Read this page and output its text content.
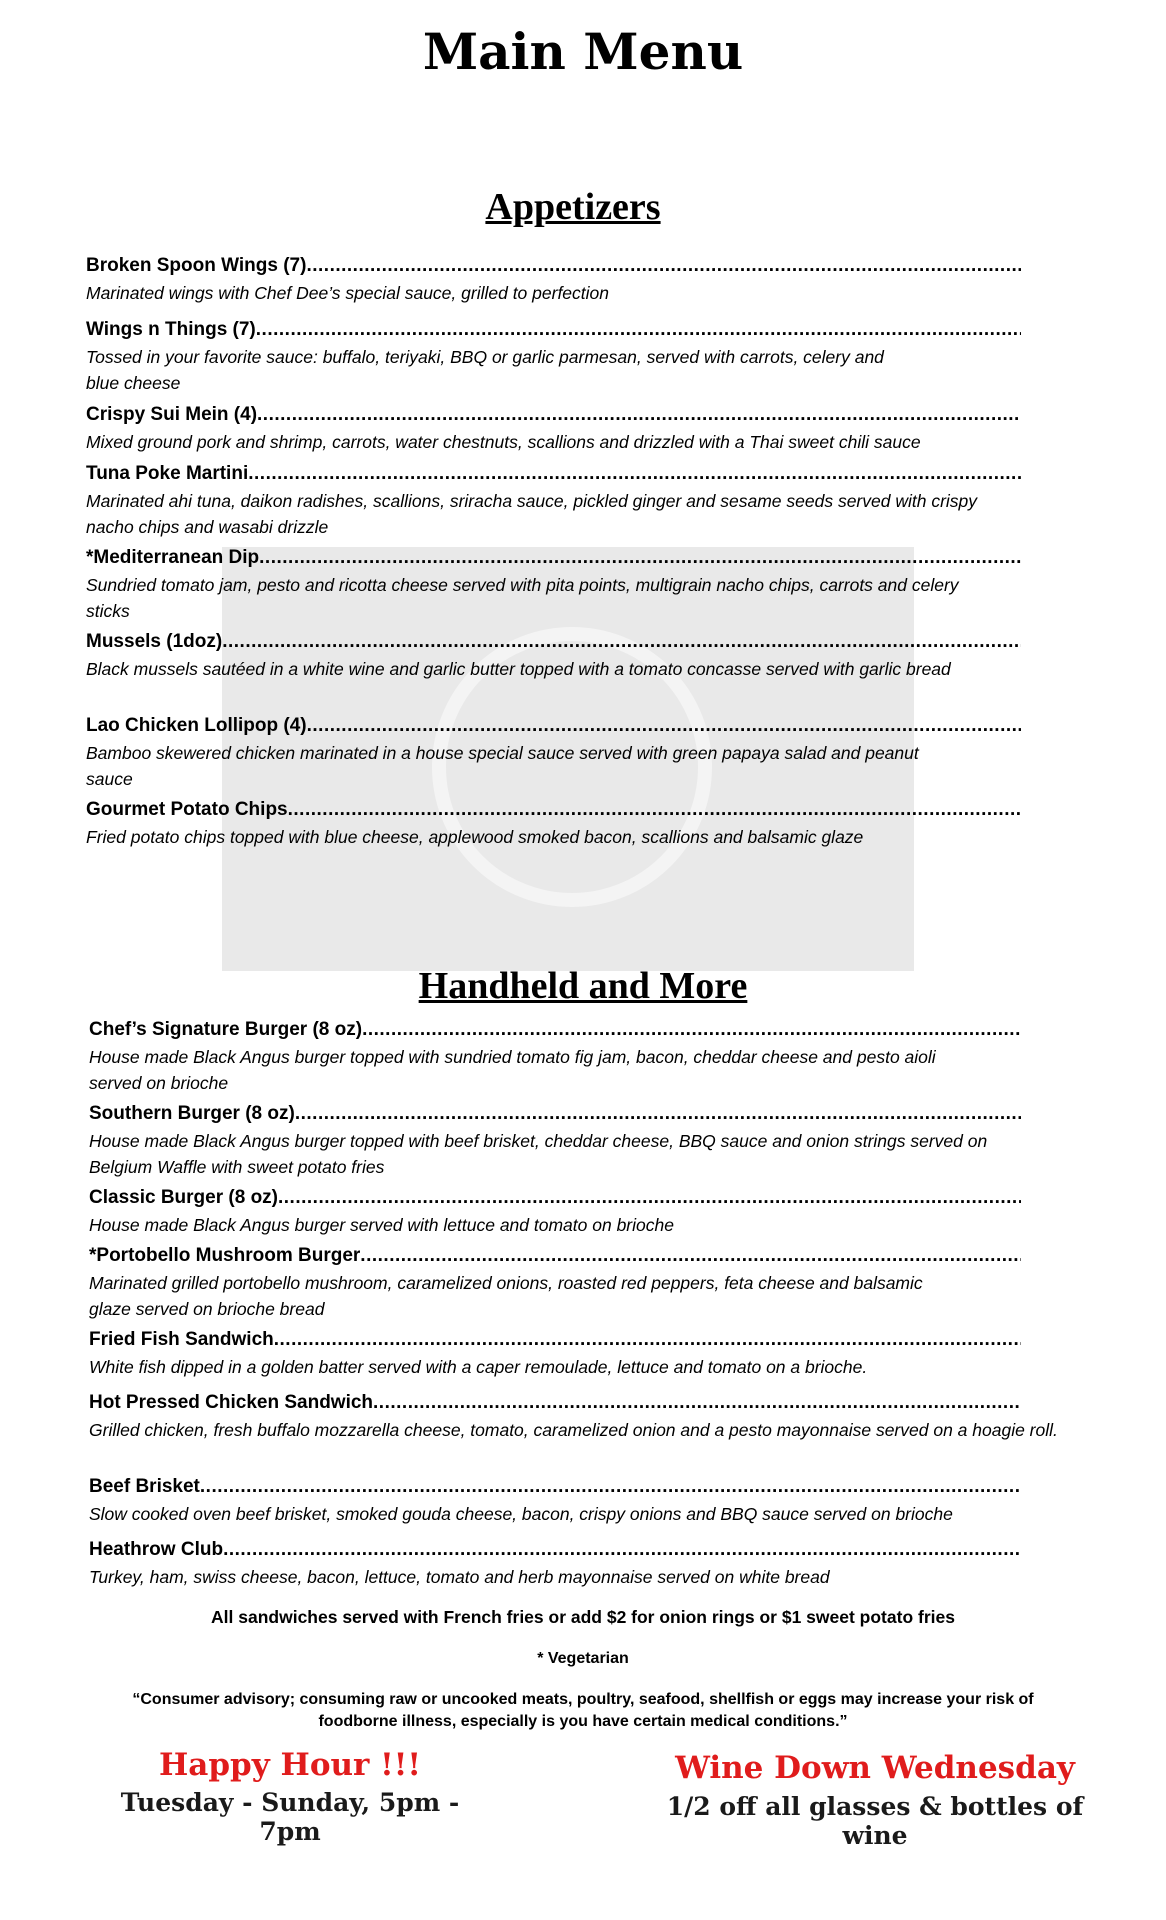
Main Menu
Appetizers
Broken Spoon Wings (7)
.....
Marinated wings with Chef Dee’s special sauce, grilled to perfection
Wings n Things (7)
.....
Tossed in your favorite sauce: buffalo, teriyaki, BBQ or garlic parmesan, served with carrots, celery and blue cheese
Crispy Sui Mein (4)
.....
Mixed ground pork and shrimp, carrots, water chestnuts, scallions and drizzled with a Thai sweet chili sauce
Tuna Poke Martini
.....
Marinated ahi tuna, daikon radishes, scallions, sriracha sauce, pickled ginger and sesame seeds served with crispy nacho chips and wasabi drizzle
*Mediterranean Dip
.....
Sundried tomato jam, pesto and ricotta cheese served with pita points, multigrain nacho chips, carrots and celery sticks
Mussels (1doz)
.....
Black mussels sautéed in a white wine and garlic butter topped with a tomato concasse served with garlic bread
Lao Chicken Lollipop (4)
.....
Bamboo skewered chicken marinated in a house special sauce served with green papaya salad and peanut sauce
Gourmet Potato Chips
.....
Fried potato chips topped with blue cheese, applewood smoked bacon, scallions and balsamic glaze
Handheld and More
Chef’s Signature Burger (8 oz)
.....
House made Black Angus burger topped with sundried tomato fig jam, bacon, cheddar cheese and pesto aioli served on brioche
Southern Burger (8 oz)
.....
House made Black Angus burger topped with beef brisket, cheddar cheese, BBQ sauce and onion strings served on Belgium Waffle with sweet potato fries
Classic Burger (8 oz)
.....
House made Black Angus burger served with lettuce and tomato on brioche
*Portobello Mushroom Burger
.....
Marinated grilled portobello mushroom, caramelized onions, roasted red peppers, feta cheese and balsamic glaze served on brioche bread
Fried Fish Sandwich
.....
White fish dipped in a golden batter served with a caper remoulade, lettuce and tomato on a brioche.
Hot Pressed Chicken Sandwich
.....
Grilled chicken, fresh buffalo mozzarella cheese, tomato, caramelized onion and a pesto mayonnaise served on a hoagie roll.
Beef Brisket
.....
Slow cooked oven beef brisket, smoked gouda cheese, bacon, crispy onions and BBQ sauce served on brioche
Heathrow Club
.....
Turkey, ham, swiss cheese, bacon, lettuce, tomato and herb mayonnaise served on white bread

All sandwiches served with French fries or add $2 for onion rings or $1 sweet potato fries

* Vegetarian

“Consumer advisory; consuming raw or uncooked meats, poultry, seafood, shellfish or eggs may increase your risk of foodborne illness, especially is you have certain medical conditions.”

Happy Hour !!!

Tuesday - Sunday, 5pm - 7pm

Wine Down Wednesday

1/2 off all glasses & bottles of wine
